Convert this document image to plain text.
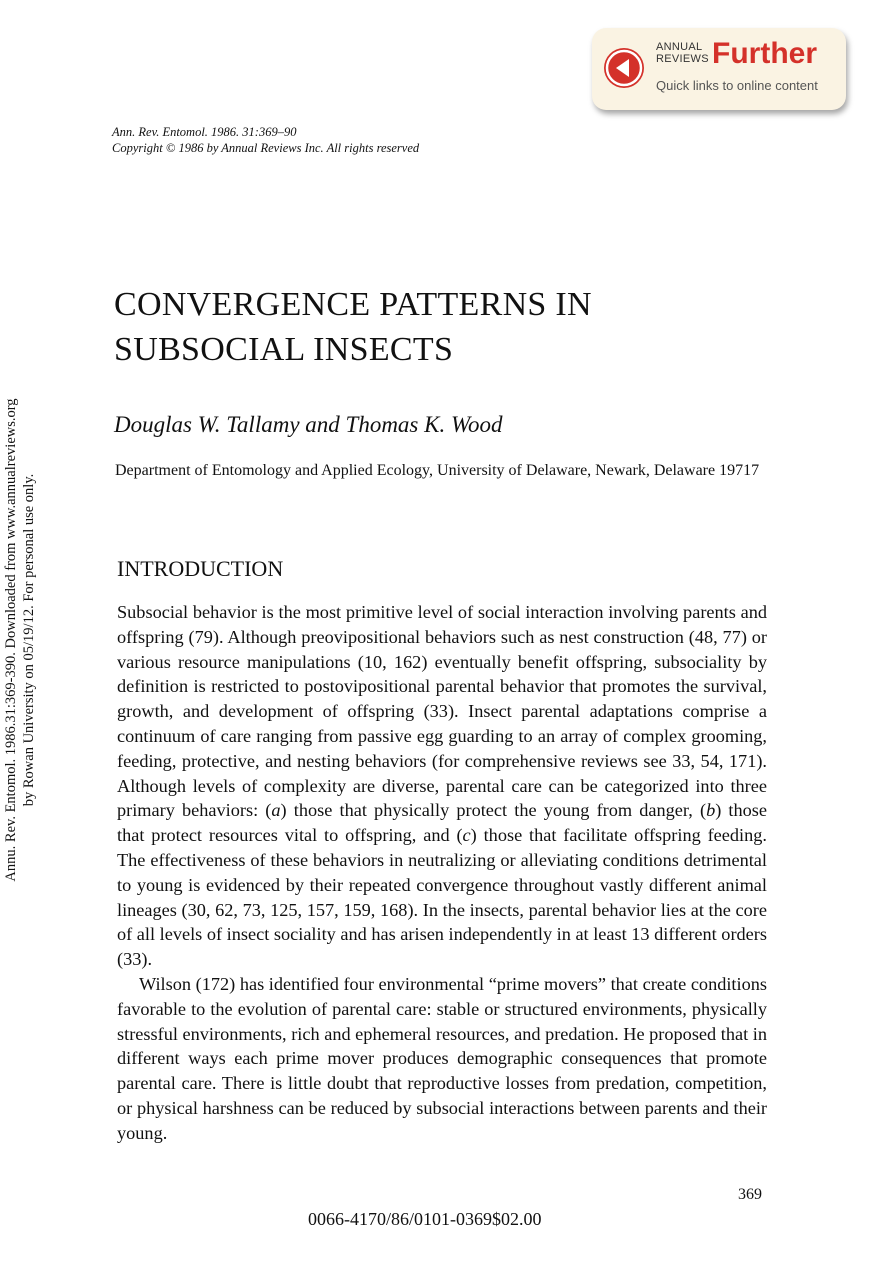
Annu. Rev. Entomol. 1986.31:369-390. Downloaded from www.annualreviews.org by Rowan University on 05/19/12. For personal use only.
ANNUAL
REVIEWS Further
Quick links to online content
Ann. Rev. Entomol. 1986. 31:369–90
Copyright © 1986 by Annual Reviews Inc. All rights reserved
CONVERGENCE PATTERNS IN
SUBSOCIAL INSECTS
Douglas W. Tallamy and Thomas K. Wood
Department of Entomology and Applied Ecology, University of Delaware, Newark, Delaware 19717
INTRODUCTION

Subsocial behavior is the most primitive level of social interaction involving parents and offspring (79). Although preovipositional behaviors such as nest construction (48, 77) or various resource manipulations (10, 162) eventually benefit offspring, subsociality by definition is restricted to postovipositional parental behavior that promotes the survival, growth, and development of offspring (33). Insect parental adaptations comprise a continuum of care ranging from passive egg guarding to an array of complex grooming, feeding, protective, and nesting behaviors (for comprehensive reviews see 33, 54, 171). Although levels of complexity are diverse, parental care can be categorized into three primary behaviors: (a) those that physically protect the young from danger, (b) those that protect resources vital to offspring, and (c) those that facilitate offspring feeding. The effectiveness of these behaviors in neutralizing or alleviating conditions detrimental to young is evidenced by their repeated convergence throughout vastly different animal lineages (30, 62, 73, 125, 157, 159, 168). In the insects, parental behavior lies at the core of all levels of insect sociality and has arisen independently in at least 13 different orders (33).

Wilson (172) has identified four environmental “prime movers” that create conditions favorable to the evolution of parental care: stable or structured environments, physically stressful environments, rich and ephemeral resources, and predation. He proposed that in different ways each prime mover produces demographic consequences that promote parental care. There is little doubt that reproductive losses from predation, competition, or physical harshness can be reduced by subsocial interactions between parents and their young.

369
0066-4170/86/0101-0369$02.00
